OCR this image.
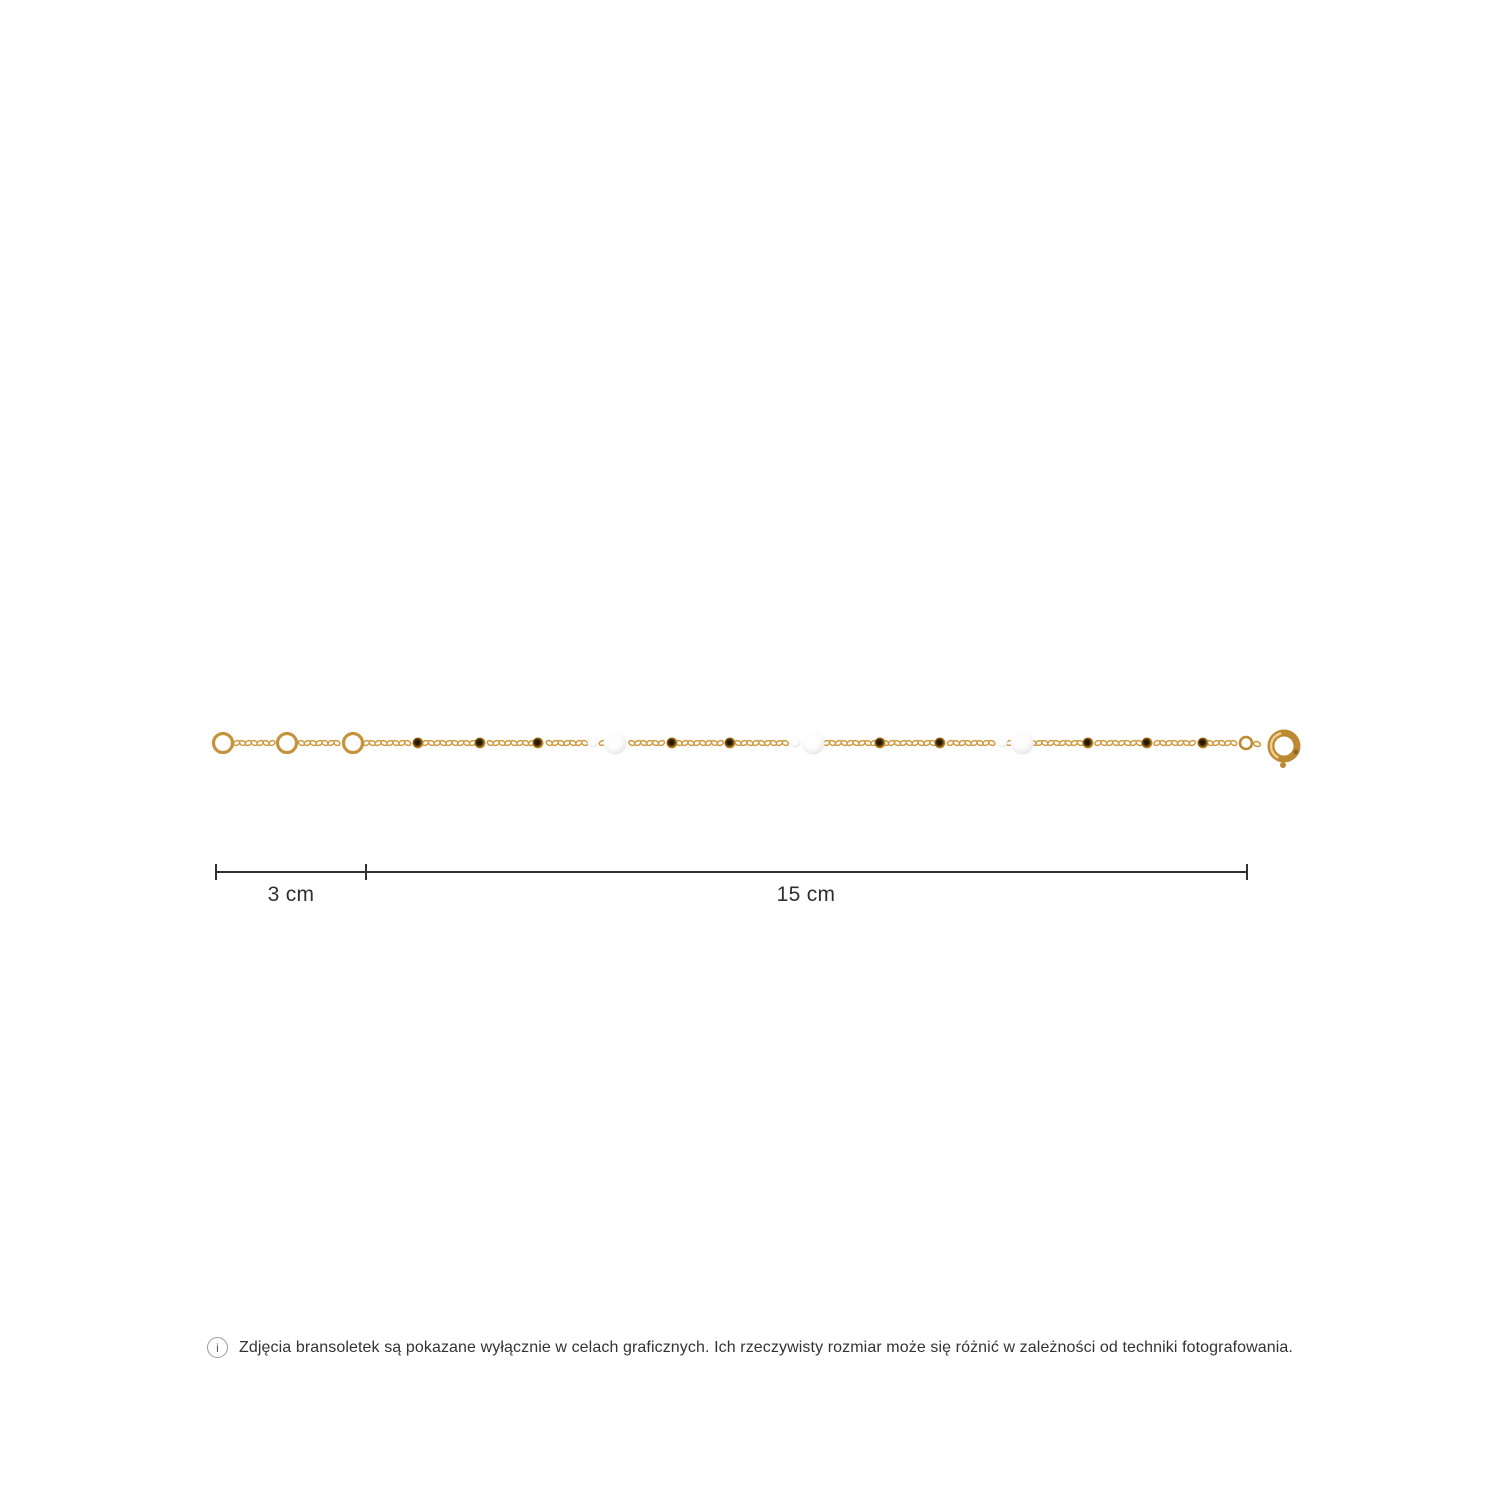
3 cm	15 cm
i	Zdjęcia bransoletek są pokazane wyłącznie w celach graficznych. Ich rzeczywisty rozmiar może się różnić w zależności od techniki fotografowania.
